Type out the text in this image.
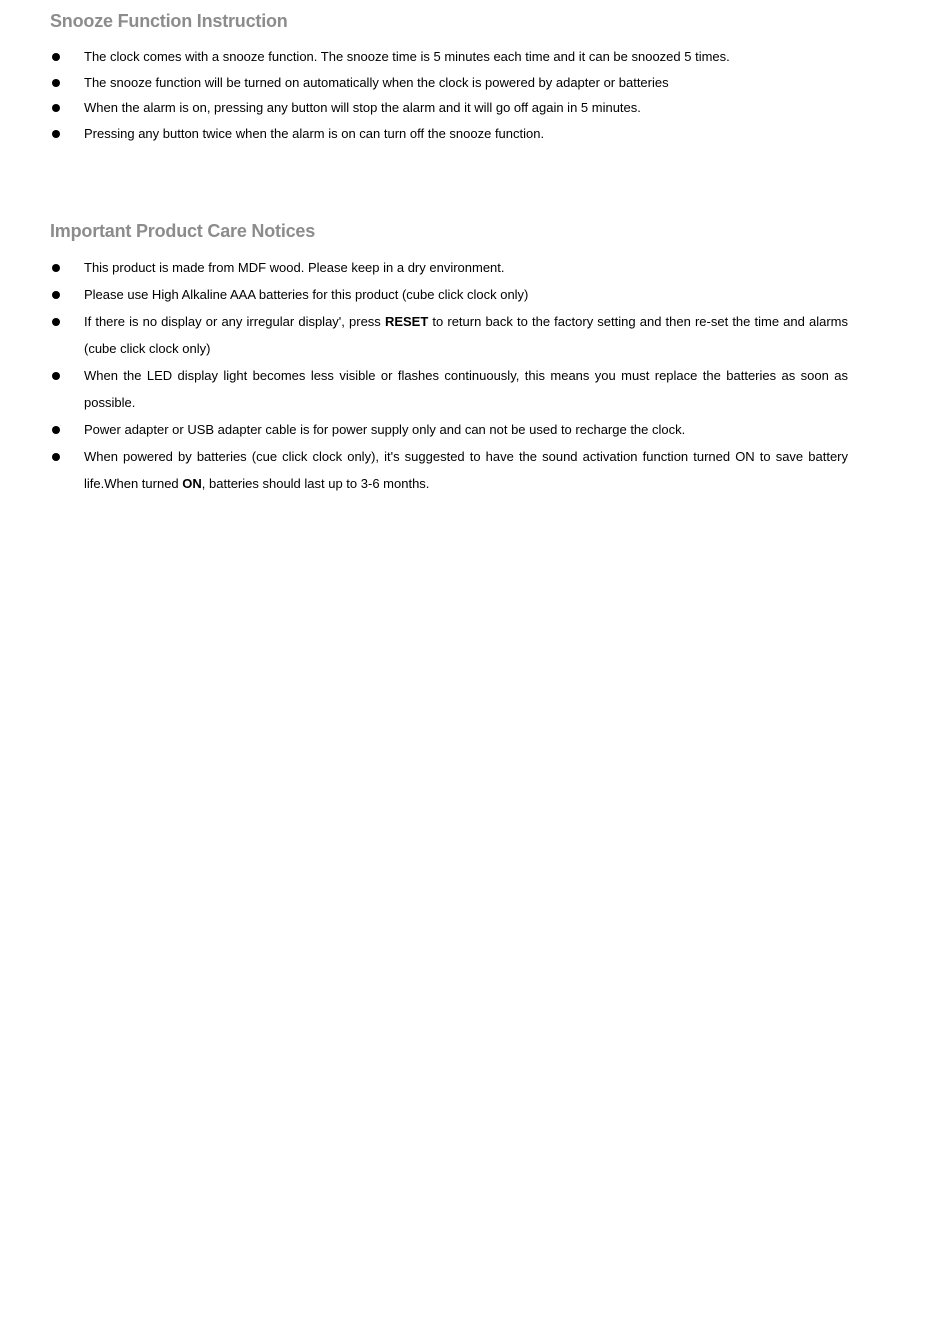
Snooze Function Instruction
The clock comes with a snooze function. The snooze time is 5 minutes each time and it can be snoozed 5 times.
The snooze function will be turned on automatically when the clock is powered by adapter or batteries
When the alarm is on, pressing any button will stop the alarm and it will go off again in 5 minutes.
Pressing any button twice when the alarm is on can turn off the snooze function.
Important Product Care Notices
This product is made from MDF wood. Please keep in a dry environment.
Please use High Alkaline AAA batteries for this product (cube click clock only)
If there is no display or any irregular display', press RESET to return back to the factory setting and then re-set the time and alarms (cube click clock only)
When the LED display light becomes less visible or flashes continuously, this means you must replace the batteries as soon as possible.
Power adapter or USB adapter cable is for power supply only and can not be used to recharge the clock.
When powered by batteries (cue click clock only), it's suggested to have the sound activation function turned ON to save battery life.When turned ON, batteries should last up to 3-6 months.
